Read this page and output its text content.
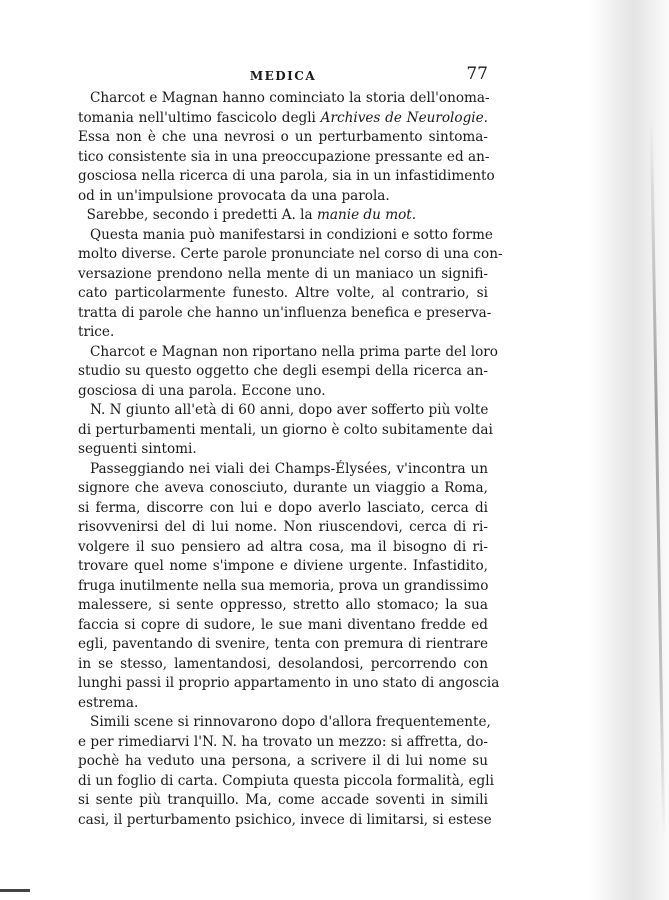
MEDICA	77

Charcot e Magnan hanno cominciato la storia dell'onoma-
tomania nell'ultimo fascicolo degli Archives de Neurologie.
Essa non è che una nevrosi o un perturbamento sintoma-
tico consistente sia in una preoccupazione pressante ed an-
gosciosa nella ricerca di una parola, sia in un infastidimento
od in un'impulsione provocata da una parola.

Sarebbe, secondo i predetti A. la manie du mot.

Questa mania può manifestarsi in condizioni e sotto forme
molto diverse. Certe parole pronunciate nel corso di una con-
versazione prendono nella mente di un maniaco un signifi-
cato particolarmente funesto. Altre volte, al contrario, si
tratta di parole che hanno un'influenza benefica e preserva-
trice.

Charcot e Magnan non riportano nella prima parte del loro
studio su questo oggetto che degli esempi della ricerca an-
gosciosa di una parola. Eccone uno.

N. N giunto all'età di 60 anni, dopo aver sofferto più volte
di perturbamenti mentali, un giorno è colto subitamente dai
seguenti sintomi.

Passeggiando nei viali dei Champs-Élysées, v'incontra un
signore che aveva conosciuto, durante un viaggio a Roma,
si ferma, discorre con lui e dopo averlo lasciato, cerca di
risovvenirsi del di lui nome. Non riuscendovi, cerca di ri-
volgere il suo pensiero ad altra cosa, ma il bisogno di ri-
trovare quel nome s'impone e diviene urgente. Infastidito,
fruga inutilmente nella sua memoria, prova un grandissimo
malessere, si sente oppresso, stretto allo stomaco; la sua
faccia si copre di sudore, le sue mani diventano fredde ed
egli, paventando di svenire, tenta con premura di rientrare
in se stesso, lamentandosi, desolandosi, percorrendo con
lunghi passi il proprio appartamento in uno stato di angoscia
estrema.

Simili scene si rinnovarono dopo d'allora frequentemente,
e per rimediarvi l'N. N. ha trovato un mezzo: si affretta, do-
pochè ha veduto una persona, a scrivere il di lui nome su
di un foglio di carta. Compiuta questa piccola formalità, egli
si sente più tranquillo. Ma, come accade soventi in simili
casi, il perturbamento psichico, invece di limitarsi, si estese
